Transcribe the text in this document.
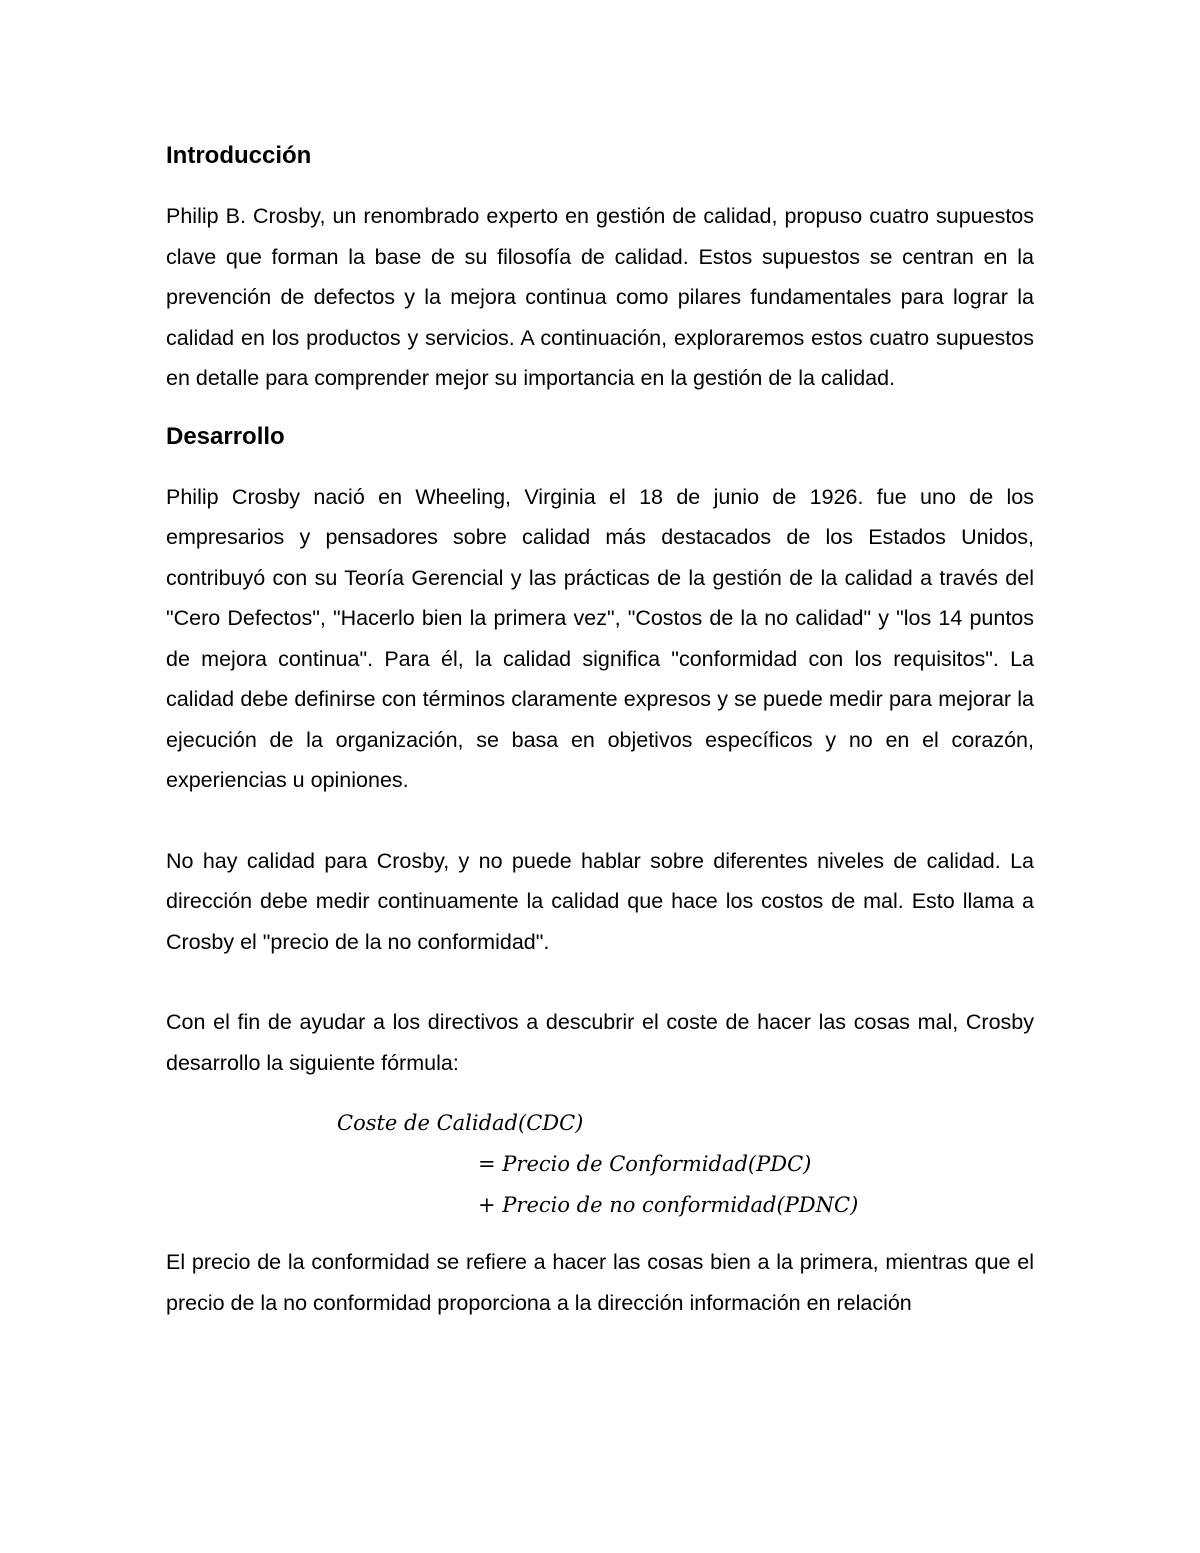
Introducción

Philip B. Crosby, un renombrado experto en gestión de calidad, propuso cuatro supuestos clave que forman la base de su filosofía de calidad. Estos supuestos se centran en la prevención de defectos y la mejora continua como pilares fundamentales para lograr la calidad en los productos y servicios. A continuación, exploraremos estos cuatro supuestos en detalle para comprender mejor su importancia en la gestión de la calidad.

Desarrollo

Philip Crosby nació en Wheeling, Virginia el 18 de junio de 1926. fue uno de los empresarios y pensadores sobre calidad más destacados de los Estados Unidos, contribuyó con su Teoría Gerencial y las prácticas de la gestión de la calidad a través del "Cero Defectos", "Hacerlo bien la primera vez", "Costos de la no calidad" y "los 14 puntos de mejora continua". Para él, la calidad significa "conformidad con los requisitos". La calidad debe definirse con términos claramente expresos y se puede medir para mejorar la ejecución de la organización, se basa en objetivos específicos y no en el corazón, experiencias u opiniones.

No hay calidad para Crosby, y no puede hablar sobre diferentes niveles de calidad. La dirección debe medir continuamente la calidad que hace los costos de mal. Esto llama a Crosby el "precio de la no conformidad".

Con el fin de ayudar a los directivos a descubrir el coste de hacer las cosas mal, Crosby desarrollo la siguiente fórmula:

Coste de Calidad(CDC)
= Precio de Conformidad(PDC)
+ Precio de no conformidad(PDNC)

El precio de la conformidad se refiere a hacer las cosas bien a la primera, mientras que el precio de la no conformidad proporciona a la dirección información en relación
